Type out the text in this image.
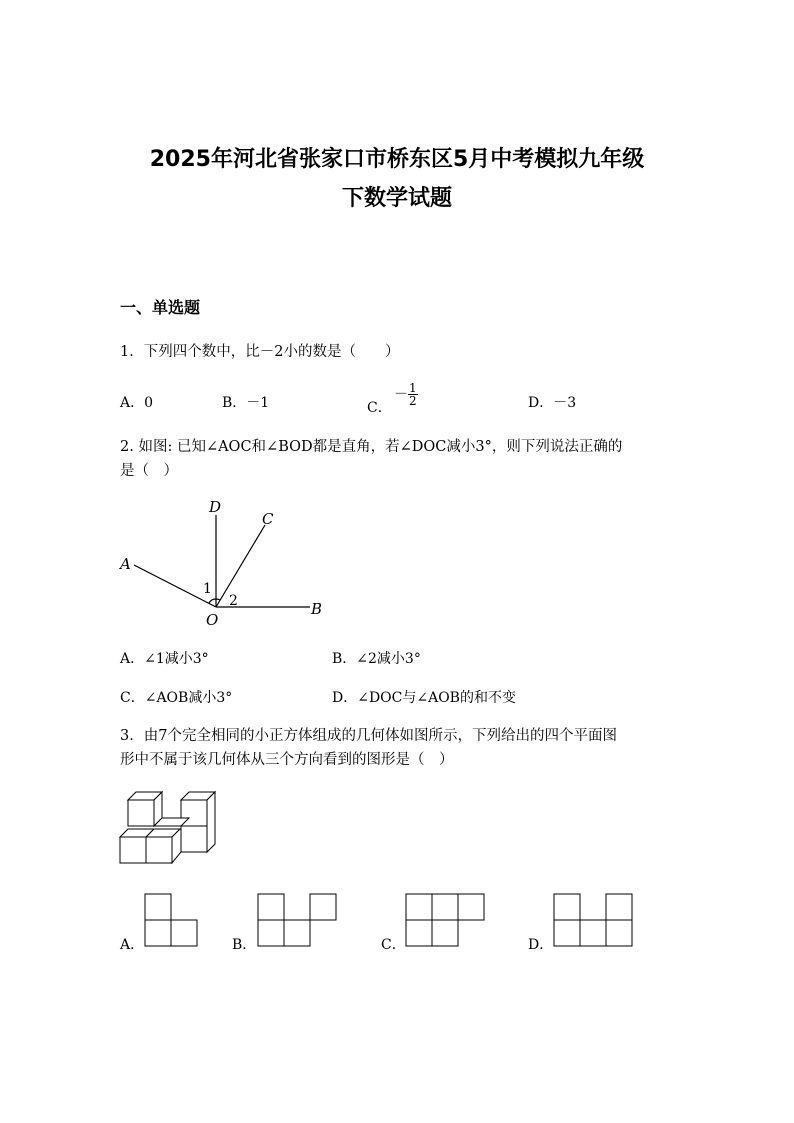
2025年河北省张家口市桥东区5月中考模拟九年级
下数学试题
一、单选题
1．下列四个数中，比－2小的数是（　　）
A．0	B．－1	C．
－ $\frac{1}{2}$	D．－3
2. 如图: 已知∠AOC和∠BOD都是直角，若∠DOC减小3°，则下列说法正确的
是（　）
D
C
A
B
O
1
2
A．∠1减小3°	B．∠2减小3°
C．∠AOB减小3°	D．∠DOC与∠AOB的和不变
3．由7个完全相同的小正方体组成的几何体如图所示，下列给出的四个平面图
形中不属于该几何体从三个方向看到的图形是（　）
A．	B．	C．	D．
